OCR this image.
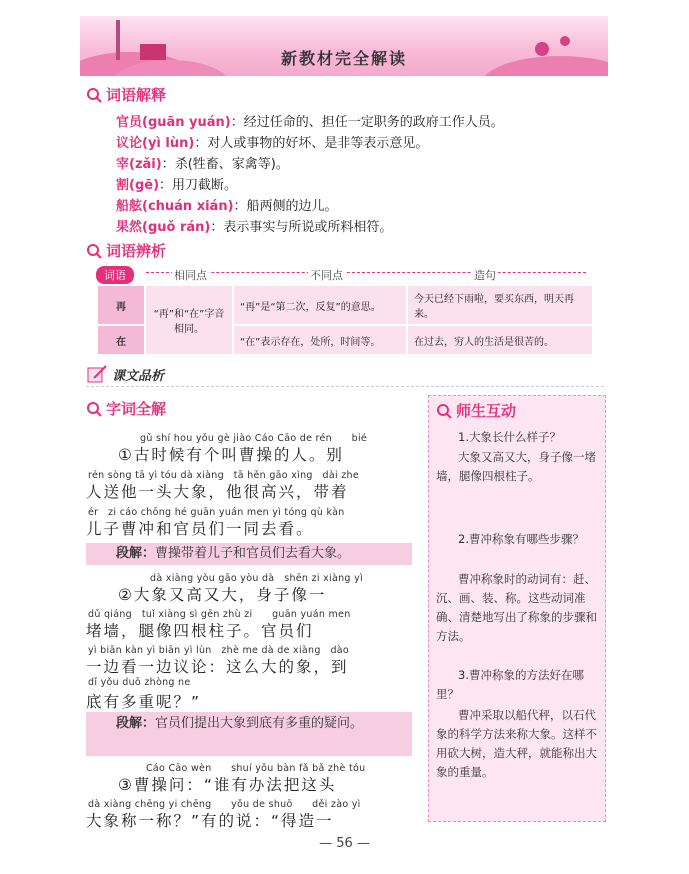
新教材完全解读
词语解释
官员(guān yuán)：经过任命的、担任一定职务的政府工作人员。
议论(yì lùn)：对人或事物的好坏、是非等表示意见。
宰(zǎi)：杀(牲畜、家禽等)。
割(gē)：用刀截断。
船舷(chuán xián)：船两侧的边儿。
果然(guǒ rán)：表示事实与所说或所料相符。
词语辨析
词语	相同点	不同点	造句
再	“再”和“在”字音相同。	“再”是“第二次，反复”的意思。	今天已经下雨啦，要买东西，明天再来。
在		“在”表示存在，处所，时间等。	在过去，穷人的生活是很苦的。
课文品析
字词全解
gǔ shí hou yǒu gè jiào Cáo Cāo de rén　　bié
①古时候有个叫曹操的人。别
rén sòng tā yì tóu dà xiàng　tā hěn gāo xìng　dài zhe
人送他一头大象，他很高兴，带着
ér　zi cáo chōng hé guān yuán men yì tóng qù kàn
儿子曹冲和官员们一同去看。
段解：曹操带着儿子和官员们去看大象。
dà xiàng yòu gāo yòu dà　shēn zi xiàng yì
②大象又高又大，身子像一
dǔ qiáng　tuǐ xiàng sì gēn zhù zi　　guān yuán men
堵墙，腿像四根柱子。官员们
yì biān kàn yì biān yì lùn　zhè me dà de xiàng　dào
一边看一边议论：这么大的象，到
dǐ yǒu duō zhòng ne
底有多重呢？”
段解：官员们提出大象到底有多重的疑问。
Cáo Cāo wèn　　shuí yǒu bàn fǎ bǎ zhè tóu
③曹操问：“谁有办法把这头
dà xiàng chēng yi chēng　　yǒu de shuō　　děi zào yì
大象称一称？”有的说：“得造一
师生互动
1.大象长什么样子？
大象又高又大，身子像一堵墙，腿像四根柱子。
2.曹冲称象有哪些步骤？
曹冲称象时的动词有：赶、沉、画、装、称。这些动词准确、清楚地写出了称象的步骤和方法。
3.曹冲称象的方法好在哪里？
曹冲采取以船代秤，以石代象的科学方法来称大象。这样不用砍大树，造大秤，就能称出大象的重量。
— 56 —
